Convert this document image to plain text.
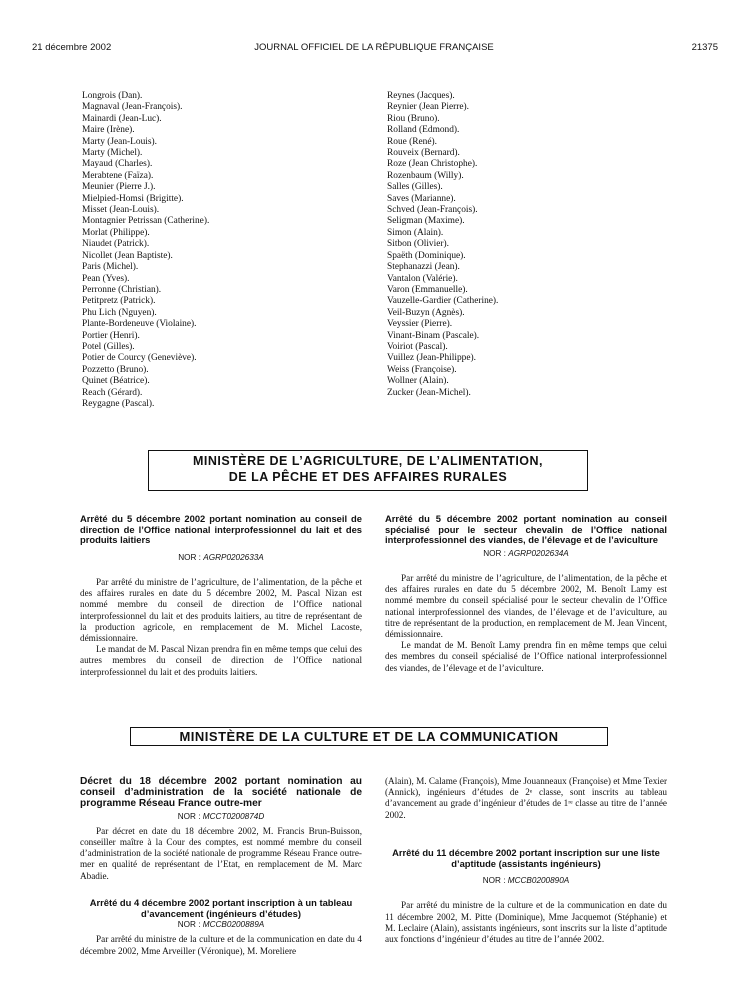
21 décembre 2002	JOURNAL OFFICIEL DE LA RÉPUBLIQUE FRANÇAISE	21375
Longrois (Dan).
Magnaval (Jean-François).
Mainardi (Jean-Luc).
Maire (Irène).
Marty (Jean-Louis).
Marty (Michel).
Mayaud (Charles).
Merabtene (Faïza).
Meunier (Pierre J.).
Mielpied-Homsi (Brigitte).
Misset (Jean-Louis).
Montagnier Petrissan (Catherine).
Morlat (Philippe).
Niaudet (Patrick).
Nicollet (Jean Baptiste).
Paris (Michel).
Pean (Yves).
Perronne (Christian).
Petitpretz (Patrick).
Phu Lich (Nguyen).
Plante-Bordeneuve (Violaine).
Portier (Henri).
Potel (Gilles).
Potier de Courcy (Geneviève).
Pozzetto (Bruno).
Quinet (Béatrice).
Reach (Gérard).
Reygagne (Pascal).
Reynes (Jacques).
Reynier (Jean Pierre).
Riou (Bruno).
Rolland (Edmond).
Roue (René).
Rouveix (Bernard).
Roze (Jean Christophe).
Rozenbaum (Willy).
Salles (Gilles).
Saves (Marianne).
Schved (Jean-François).
Seligman (Maxime).
Simon (Alain).
Sitbon (Olivier).
Spaëth (Dominique).
Stephanazzi (Jean).
Vantalon (Valérie).
Varon (Emmanuelle).
Vauzelle-Gardier (Catherine).
Veil-Buzyn (Agnès).
Veyssier (Pierre).
Vinant-Binam (Pascale).
Voiriot (Pascal).
Vuillez (Jean-Philippe).
Weiss (Françoise).
Wollner (Alain).
Zucker (Jean-Michel).
MINISTÈRE DE L’AGRICULTURE, DE L’ALIMENTATION,
DE LA PÊCHE ET DES AFFAIRES RURALES

Arrêté du 5 décembre 2002 portant nomination au conseil de direction de l’Office national interprofessionnel du lait et des produits laitiers

NOR : AGRP0202633A

Par arrêté du ministre de l’agriculture, de l’alimentation, de la pêche et des affaires rurales en date du 5 décembre 2002, M. Pascal Nizan est nommé membre du conseil de direction de l’Office national interprofessionnel du lait et des produits laitiers, au titre de représentant de la production agricole, en remplacement de M. Michel Lacoste, démissionnaire.

Le mandat de M. Pascal Nizan prendra fin en même temps que celui des autres membres du conseil de direction de l’Office national interprofessionnel du lait et des produits laitiers.

Arrêté du 5 décembre 2002 portant nomination au conseil spécialisé pour le secteur chevalin de l’Office national interprofessionnel des viandes, de l’élevage et de l’aviculture

NOR : AGRP0202634A

Par arrêté du ministre de l’agriculture, de l’alimentation, de la pêche et des affaires rurales en date du 5 décembre 2002, M. Benoît Lamy est nommé membre du conseil spécialisé pour le secteur chevalin de l’Office national interprofessionnel des viandes, de l’élevage et de l’aviculture, au titre de représentant de la production, en remplacement de M. Jean Vincent, démissionnaire.

Le mandat de M. Benoît Lamy prendra fin en même temps que celui des membres du conseil spécialisé de l’Office national interprofessionnel des viandes, de l’élevage et de l’aviculture.

MINISTÈRE DE LA CULTURE ET DE LA COMMUNICATION

Décret du 18 décembre 2002 portant nomination au conseil d’administration de la société nationale de programme Réseau France outre-mer

NOR : MCCT0200874D

Par décret en date du 18 décembre 2002, M. Francis Brun-Buisson, conseiller maître à la Cour des comptes, est nommé membre du conseil d’administration de la société nationale de programme Réseau France outre-mer en qualité de représentant de l’Etat, en remplacement de M. Marc Abadie.

Arrêté du 4 décembre 2002 portant inscription à un tableau d’avancement (ingénieurs d’études)

NOR : MCCB0200889A

Par arrêté du ministre de la culture et de la communication en date du 4 décembre 2002, Mme Arveiller (Véronique), M. Moreliere

(Alain), M. Calame (François), Mme Jouanneaux (Françoise) et Mme Texier (Annick), ingénieurs d’études de 2ᵉ classe, sont inscrits au tableau d’avancement au grade d’ingénieur d’études de 1ʳᵉ classe au titre de l’année 2002.

Arrêté du 11 décembre 2002 portant inscription sur une liste d’aptitude (assistants ingénieurs)

NOR : MCCB0200890A

Par arrêté du ministre de la culture et de la communication en date du 11 décembre 2002, M. Pitte (Dominique), Mme Jacquemot (Stéphanie) et M. Leclaire (Alain), assistants ingénieurs, sont inscrits sur la liste d’aptitude aux fonctions d’ingénieur d’études au titre de l’année 2002.
